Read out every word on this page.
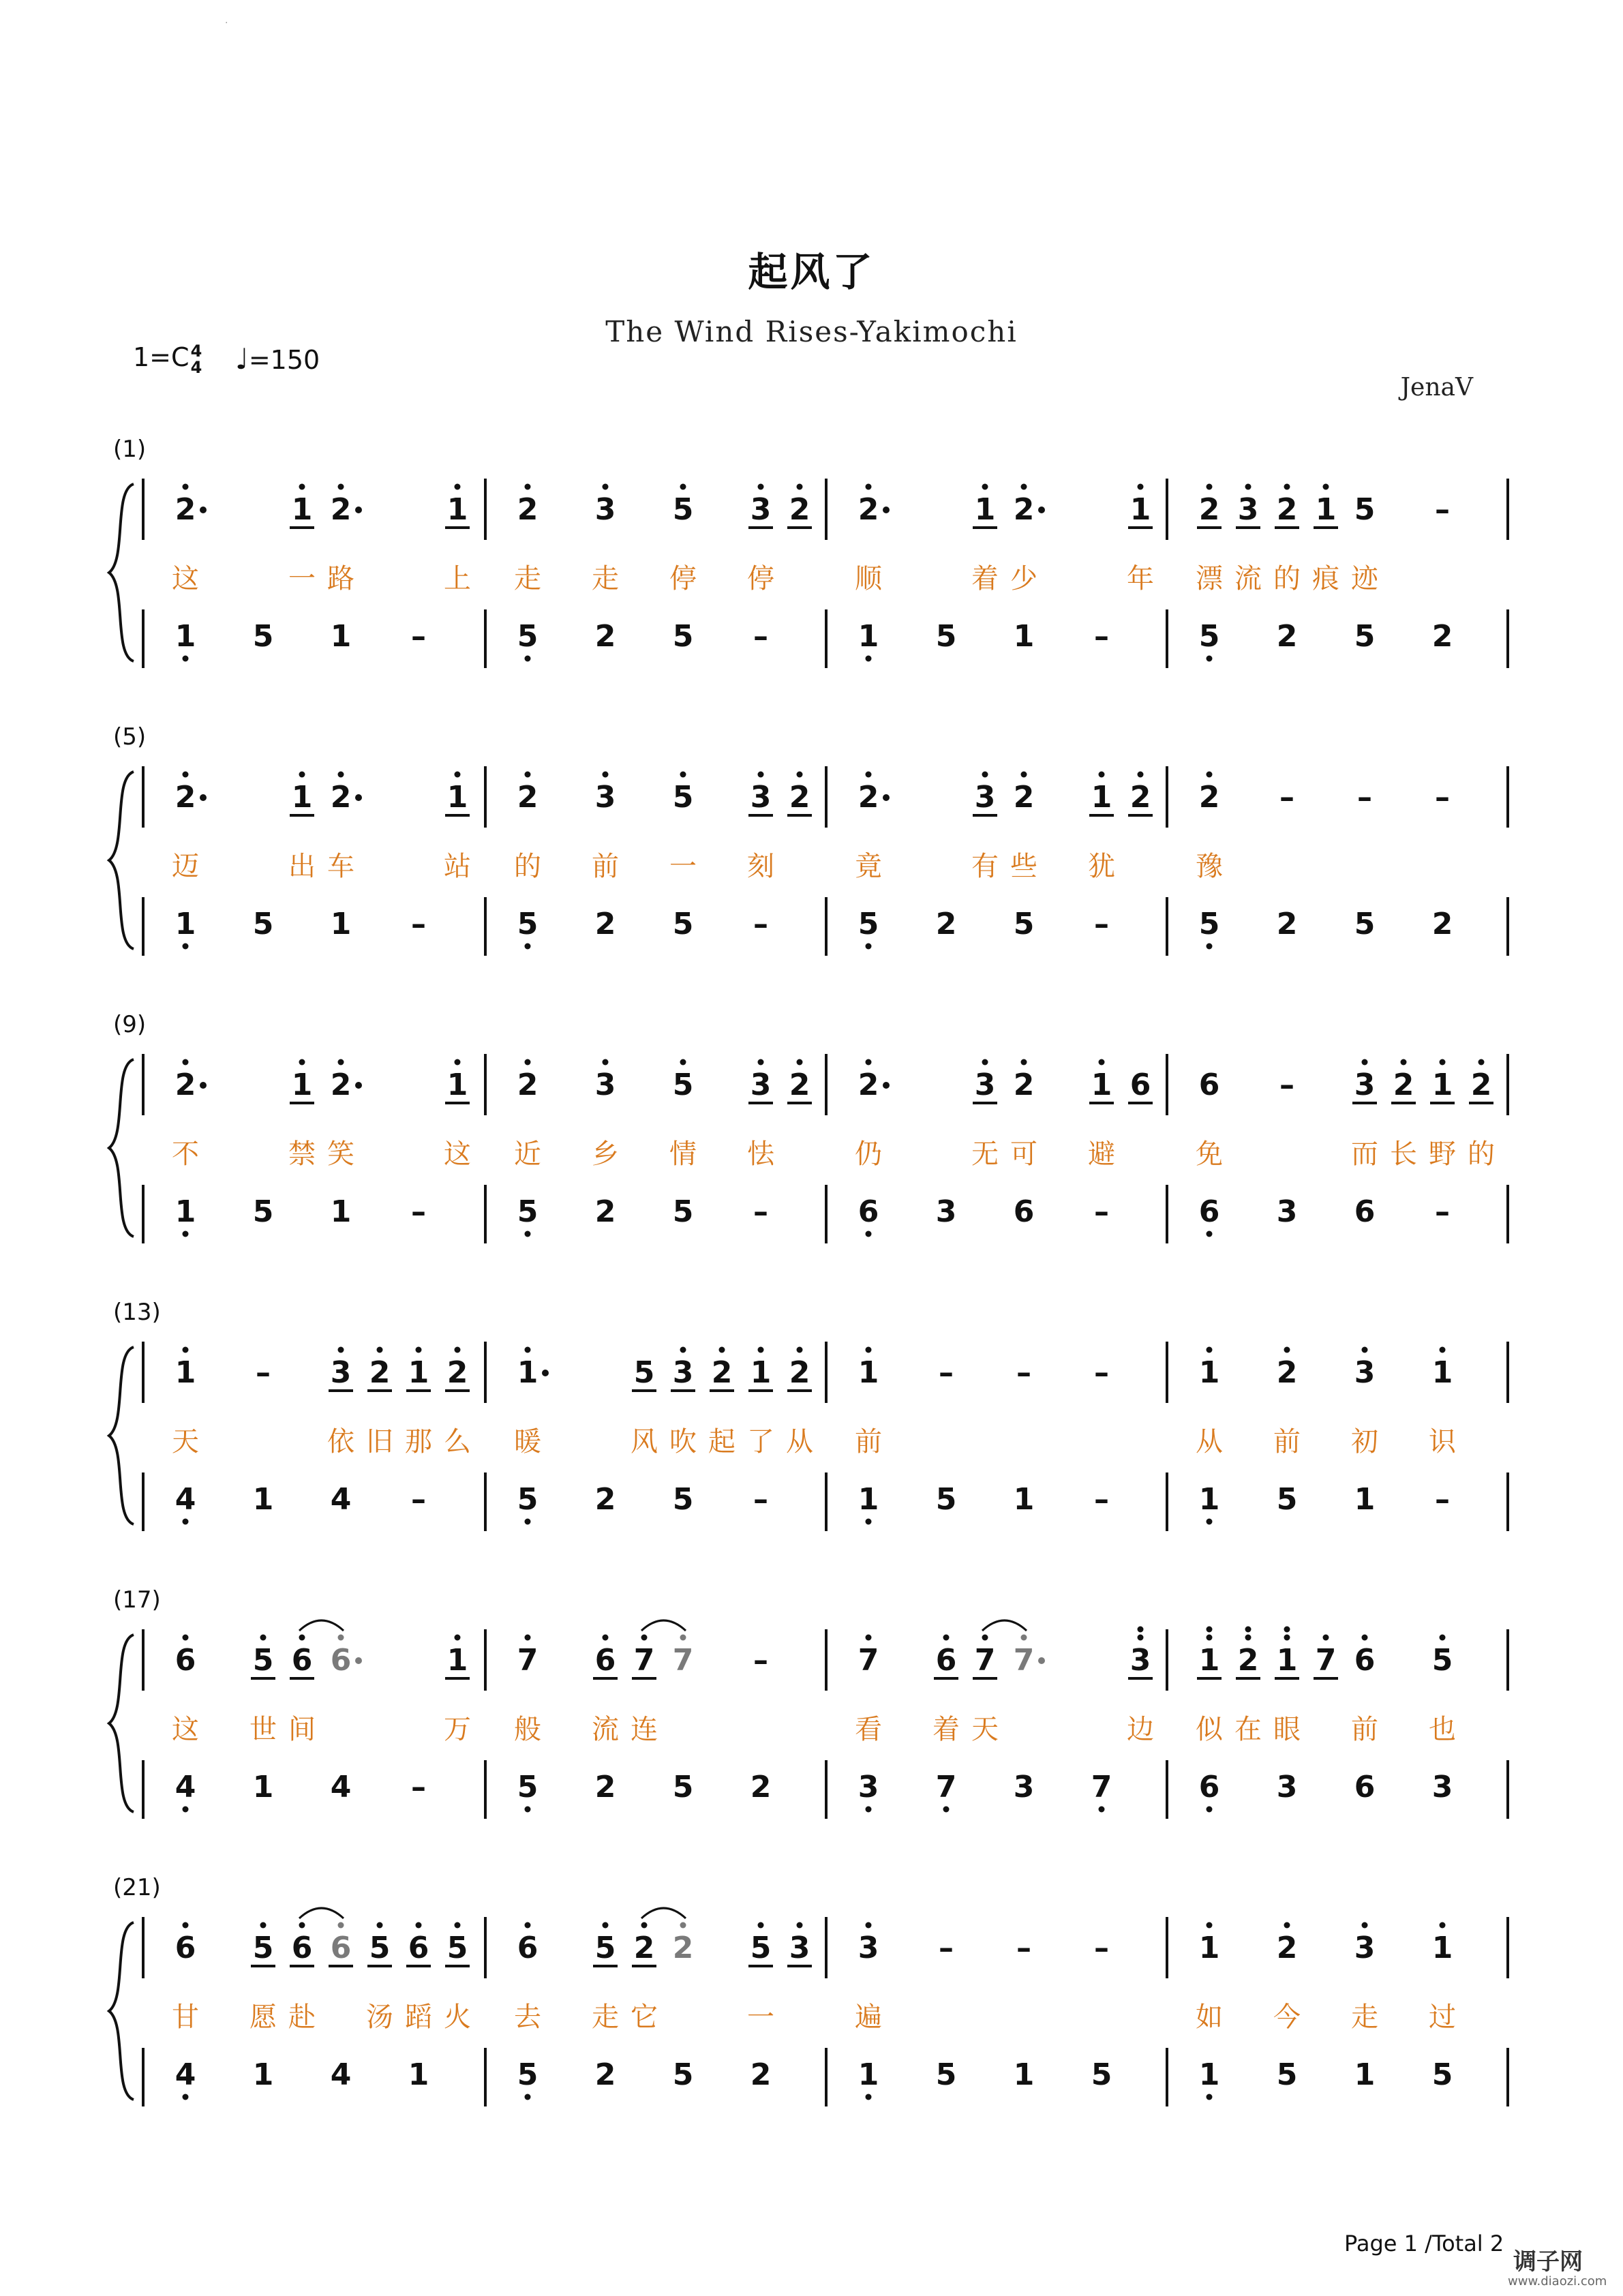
·
起风了
The Wind Rises-Yakimochi
1=C4
4 ♩=150
JenaV
(1)
2	1 2	1
这	一 路	上
1 5 1 –
2 3 5 3 2
走 走 停 停
5 2 5 –
2	1 2	1
顺	着 少	年
1 5 1 –
2 3 2 1 5 –
漂 流 的 痕 迹
5 2 5 2
(5)
2	1 2	1
迈	出 车	站
1 5 1 –
2 3 5 3 2
的 前 一 刻
5 2 5 –
2	3 2 1 2
竟	有 些 犹
5 2 5 –
2 – – –
豫
5 2 5 2
(9)
2	1 2	1
不	禁 笑	这
1 5 1 –
2 3 5 3 2
近 乡 情 怯
5 2 5 –
2	3 2 1 6
仍	无 可 避
6 3 6 –
6 – 3 2 1 2
免	而 长 野 的
6 3 6 –
(13)
1 – 3 2 1 2
天	依 旧 那 么
4 1 4 –
1	5 3 2 1 2
暖	风 吹 起 了 从
5 2 5 –
1 – – –
前
1 5 1 –
1 2 3 1
从 前 初 识
1 5 1 –
(17)
6 5 6 6	1
这 世 间	万
4 1 4 –
7 6 7 7 –
般 流 连
5 2 5 2
7 6 7 7	3
看 着 天	边
3 7 3 7
1 2 1 7 6 5
似 在 眼 前 也
6 3 6 3
(21)
6 5 6 6 5 6 5
甘 愿 赴 汤 蹈 火
4 1 4 1
6 5 2 2 5 3
去 走 它	一
5 2 5 2
3 – – –
遍
1 5 1 5
1 2 3 1
如 今 走 过
1 5 1 5
Page 1 /Total 2
调子网
www.diaozi.com
